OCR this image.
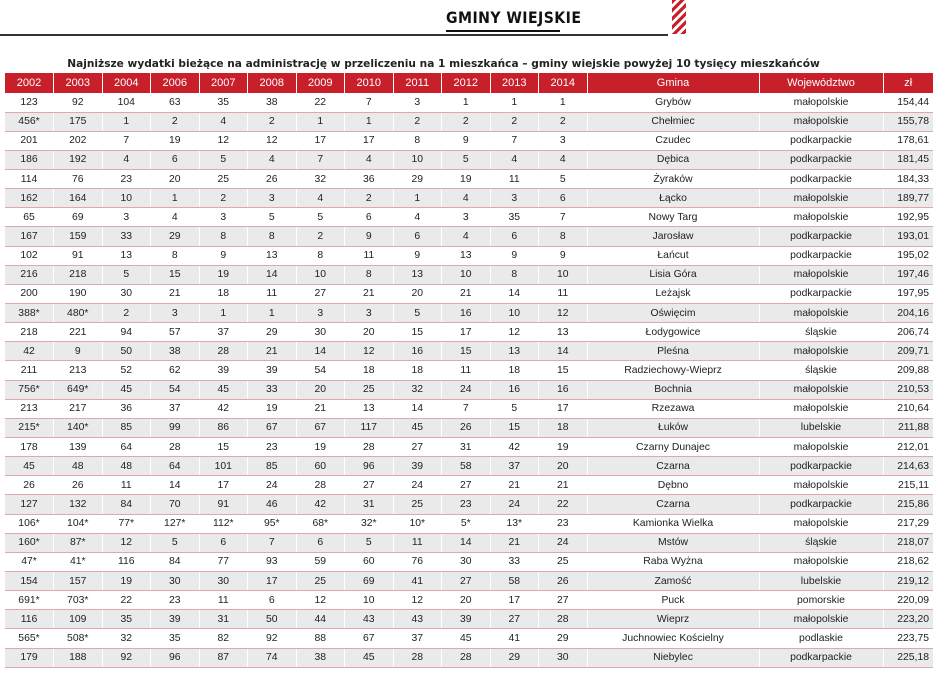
GMINY WIEJSKIE
Najniższe wydatki bieżące na administrację w przeliczeniu na 1 mieszkańca – gminy wiejskie powyżej 10 tysięcy mieszkańców
2002	2003	2004	2006	2007	2008	2009	2010	2011	2012	2013	2014	Gmina	Województwo	zł
123	92	104	63	35	38	22	7	3	1	1	1	Grybów	małopolskie	154,44
456*	175	1	2	4	2	1	1	2	2	2	2	Chełmiec	małopolskie	155,78
201	202	7	19	12	12	17	17	8	9	7	3	Czudec	podkarpackie	178,61
186	192	4	6	5	4	7	4	10	5	4	4	Dębica	podkarpackie	181,45
114	76	23	20	25	26	32	36	29	19	11	5	Żyraków	podkarpackie	184,33
162	164	10	1	2	3	4	2	1	4	3	6	Łącko	małopolskie	189,77
65	69	3	4	3	5	5	6	4	3	35	7	Nowy Targ	małopolskie	192,95
167	159	33	29	8	8	2	9	6	4	6	8	Jarosław	podkarpackie	193,01
102	91	13	8	9	13	8	11	9	13	9	9	Łańcut	podkarpackie	195,02
216	218	5	15	19	14	10	8	13	10	8	10	Lisia Góra	małopolskie	197,46
200	190	30	21	18	11	27	21	20	21	14	11	Leżajsk	podkarpackie	197,95
388*	480*	2	3	1	1	3	3	5	16	10	12	Oświęcim	małopolskie	204,16
218	221	94	57	37	29	30	20	15	17	12	13	Łodygowice	śląskie	206,74
42	9	50	38	28	21	14	12	16	15	13	14	Pleśna	małopolskie	209,71
211	213	52	62	39	39	54	18	18	11	18	15	Radziechowy-Wieprz	śląskie	209,88
756*	649*	45	54	45	33	20	25	32	24	16	16	Bochnia	małopolskie	210,53
213	217	36	37	42	19	21	13	14	7	5	17	Rzezawa	małopolskie	210,64
215*	140*	85	99	86	67	67	117	45	26	15	18	Łuków	lubelskie	211,88
178	139	64	28	15	23	19	28	27	31	42	19	Czarny Dunajec	małopolskie	212,01
45	48	48	64	101	85	60	96	39	58	37	20	Czarna	podkarpackie	214,63
26	26	11	14	17	24	28	27	24	27	21	21	Dębno	małopolskie	215,11
127	132	84	70	91	46	42	31	25	23	24	22	Czarna	podkarpackie	215,86
106*	104*	77*	127*	112*	95*	68*	32*	10*	5*	13*	23	Kamionka Wielka	małopolskie	217,29
160*	87*	12	5	6	7	6	5	11	14	21	24	Mstów	śląskie	218,07
47*	41*	116	84	77	93	59	60	76	30	33	25	Raba Wyżna	małopolskie	218,62
154	157	19	30	30	17	25	69	41	27	58	26	Zamość	lubelskie	219,12
691*	703*	22	23	11	6	12	10	12	20	17	27	Puck	pomorskie	220,09
116	109	35	39	31	50	44	43	43	39	27	28	Wieprz	małopolskie	223,20
565*	508*	32	35	82	92	88	67	37	45	41	29	Juchnowiec Kościelny	podlaskie	223,75
179	188	92	96	87	74	38	45	28	28	29	30	Niebylec	podkarpackie	225,18
